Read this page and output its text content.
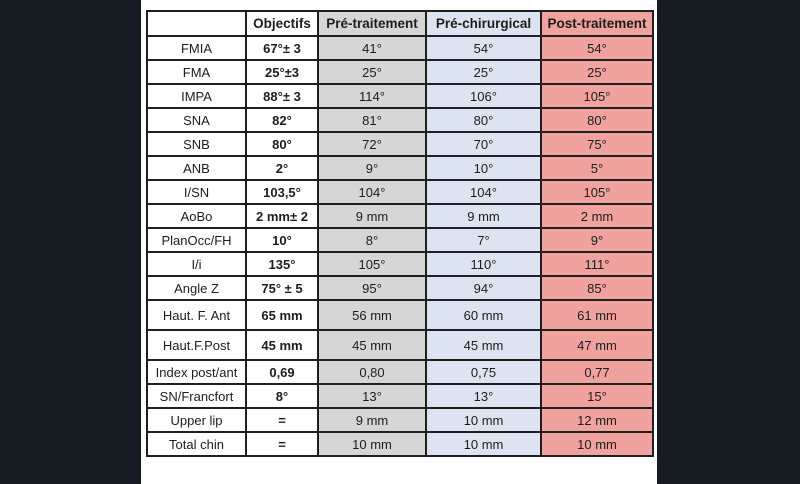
	Objectifs	Pré-traitement	Pré-chirurgical	Post-traitement
FMIA	67°± 3	41°	54°	54°
FMA	25°±3	25°	25°	25°
IMPA	88°± 3	114°	106°	105°
SNA	82°	81°	80°	80°
SNB	80°	72°	70°	75°
ANB	2°	9°	10°	5°
I/SN	103,5°	104°	104°	105°
AoBo	2 mm± 2	9 mm	9 mm	2 mm
PlanOcc/FH	10°	8°	7°	9°
I/i	135°	105°	110°	111°
Angle Z	75° ± 5	95°	94°	85°
Haut. F. Ant	65 mm	56 mm	60 mm	61 mm
Haut.F.Post	45 mm	45 mm	45 mm	47 mm
Index post/ant	0,69	0,80	0,75	0,77
SN/Francfort	8°	13°	13°	15°
Upper lip	=	9 mm	10 mm	12 mm
Total chin	=	10 mm	10 mm	10 mm
